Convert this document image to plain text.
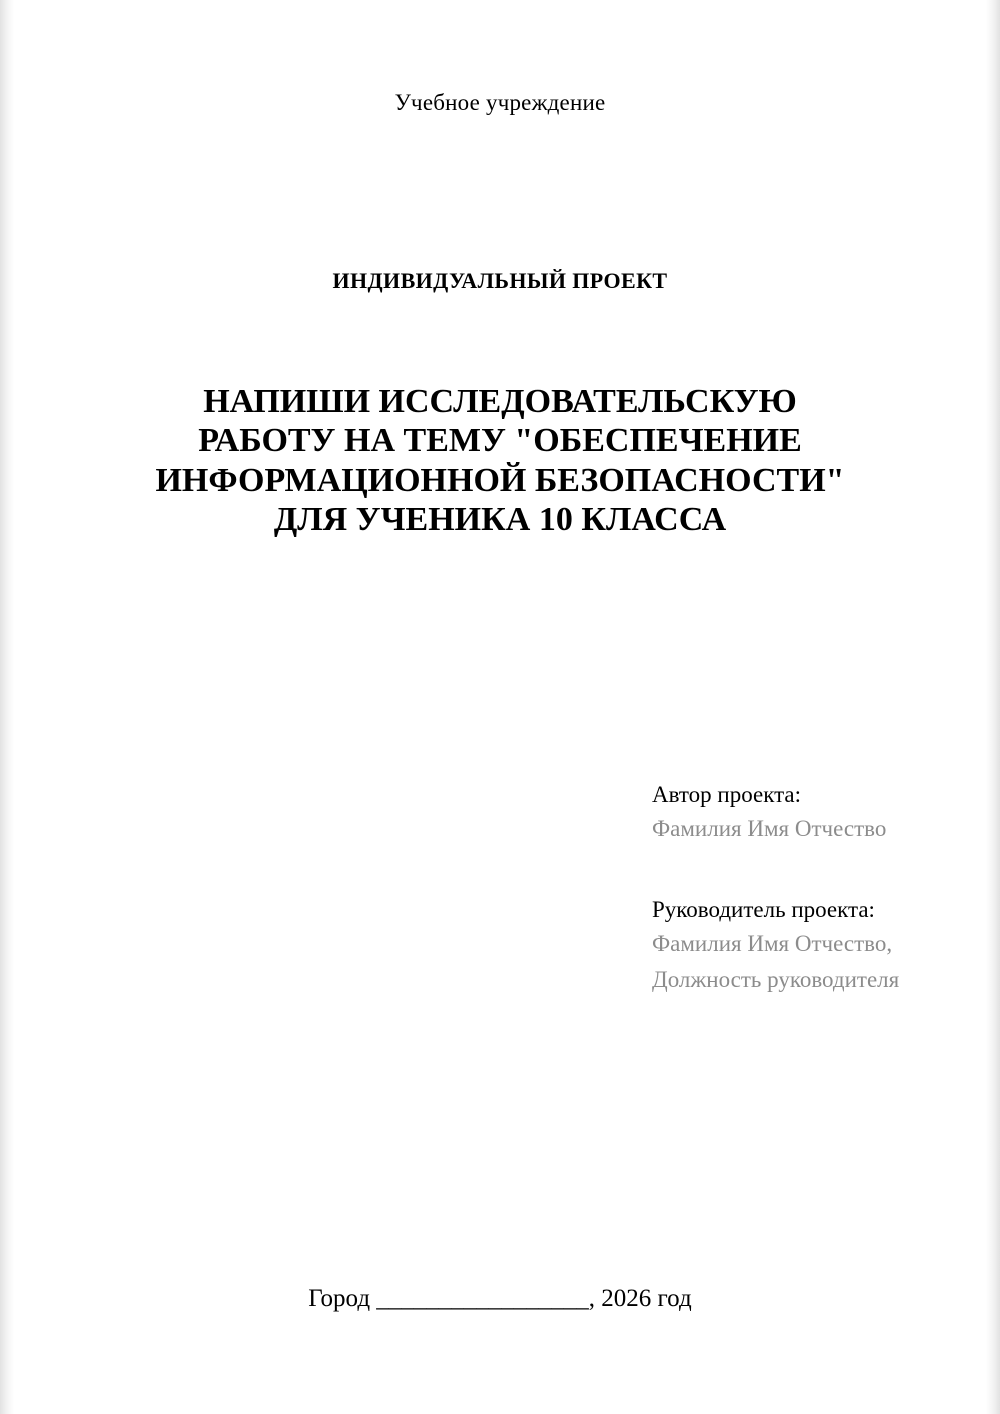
Учебное учреждение
ИНДИВИДУАЛЬНЫЙ ПРОЕКТ
НАПИШИ ИССЛЕДОВАТЕЛЬСКУЮ РАБОТУ НА ТЕМУ "ОБЕСПЕЧЕНИЕ ИНФОРМАЦИОННОЙ БЕЗОПАСНОСТИ" ДЛЯ УЧЕНИКА 10 КЛАССА
Автор проекта:
Фамилия Имя Отчество
Руководитель проекта:
Фамилия Имя Отчество,
Должность руководителя
Город _________________, 2026 год
